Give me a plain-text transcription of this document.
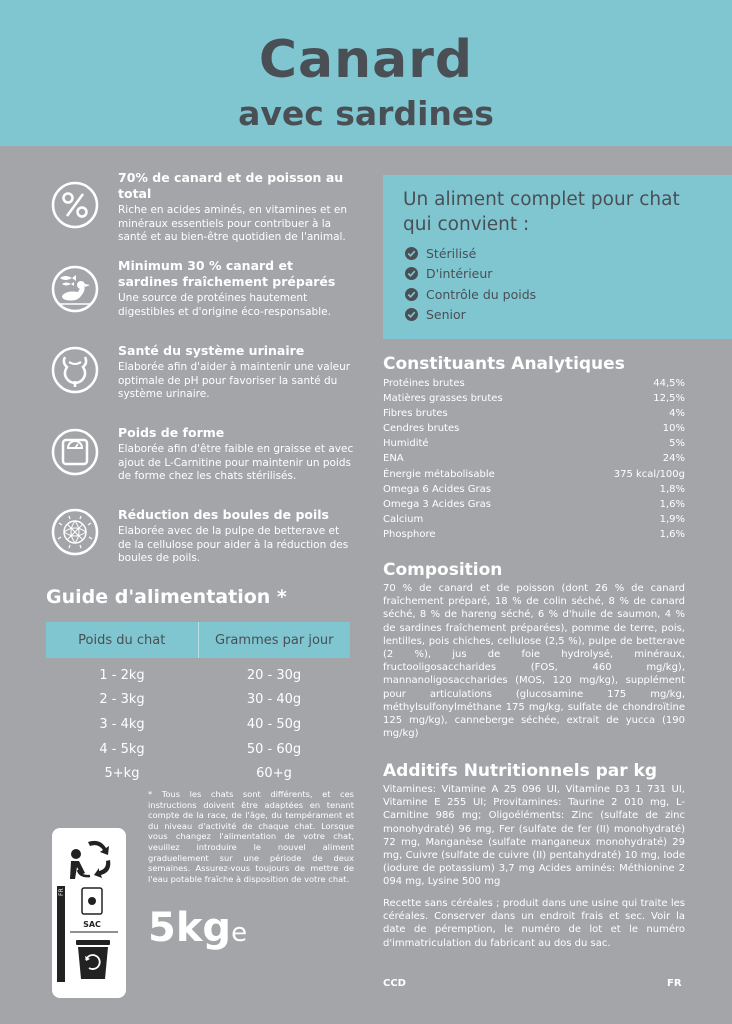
Canard
avec sardines
70% de canard et de poisson au total
Riche en acides aminés, en vitamines et en minéraux essentiels pour contribuer à la santé et au bien-être quotidien de l'animal.
Minimum 30 % canard et sardines fraîchement préparés
Une source de protéines hautement digestibles et d'origine éco-responsable.
Santé du système urinaire
Elaborée afin d'aider à maintenir une valeur optimale de pH pour favoriser la santé du système urinaire.
Poids de forme
Elaborée afin d'être faible en graisse et avec ajout de L-Carnitine pour maintenir un poids de forme chez les chats stérilisés.
Réduction des boules de poils
Elaborée avec de la pulpe de betterave et de la cellulose pour aider à la réduction des boules de poils.
Guide d'alimentation *
Poids du chat	Grammes par jour
1 - 2kg	20 - 30g
2 - 3kg	30 - 40g
3 - 4kg	40 - 50g
4 - 5kg	50 - 60g
5+kg	60+g
* Tous les chats sont différents, et ces instructions doivent être adaptées en tenant compte de la race, de l'âge, du tempérament et du niveau d'activité de chaque chat. Lorsque vous changez l'alimentation de votre chat, veuillez introduire le nouvel aliment graduellement sur une période de deux semaines. Assurez-vous toujours de mettre de l'eau potable fraîche à disposition de votre chat.
FR
SAC 5kge
Un aliment complet pour chat qui convient :
Stérilisé
D'intérieur
Contrôle du poids
Senior
Constituants Analytiques
Protéines brutes	44,5%
Matières grasses brutes	12,5%
Fibres brutes	4%
Cendres brutes	10%
Humidité	5%
ENA	24%
Énergie métabolisable	375 kcal/100g
Omega 6 Acides Gras	1,8%
Omega 3 Acides Gras	1,6%
Calcium	1,9%
Phosphore	1,6%
Composition
70 % de canard et de poisson (dont 26 % de canard fraîchement préparé, 18 % de colin séché, 8 % de canard séché, 8 % de hareng séché, 6 % d'huile de saumon, 4 % de sardines fraîchement préparées), pomme de terre, pois, lentilles, pois chiches, cellulose (2,5 %), pulpe de betterave (2 %), jus de foie hydrolysé, minéraux, fructooligosaccharides (FOS, 460 mg/kg), mannanoligosaccharides (MOS, 120 mg/kg), supplément pour articulations (glucosamine 175 mg/kg, méthylsulfonylméthane 175 mg/kg, sulfate de chondroïtine 125 mg/kg), canneberge séchée, extrait de yucca (190 mg/kg)
Additifs Nutritionnels par kg
Vitamines: Vitamine A 25 096 UI, Vitamine D3 1 731 UI, Vitamine E 255 UI; Provitamines: Taurine 2 010 mg, L-Carnitine 986 mg; Oligoéléments: Zinc (sulfate de zinc monohydraté) 96 mg, Fer (sulfate de fer (II) monohydraté) 72 mg, Manganèse (sulfate manganeux monohydraté) 29 mg, Cuivre (sulfate de cuivre (II) pentahydraté) 10 mg, Iode (iodure de potassium) 3,7 mg Acides aminés: Méthionine 2 094 mg, Lysine 500 mg
Recette sans céréales ; produit dans une usine qui traite les céréales. Conserver dans un endroit frais et sec. Voir la date de péremption, le numéro de lot et le numéro d'immatriculation du fabricant au dos du sac.
CCD	FR
